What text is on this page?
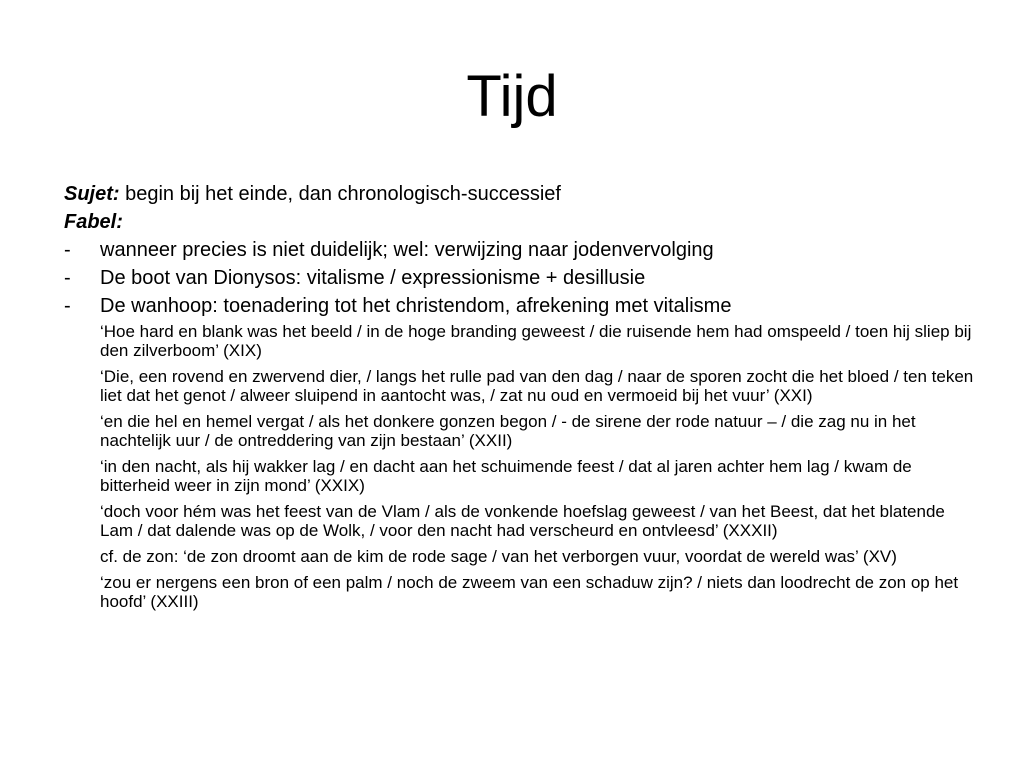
Tijd

Sujet: begin bij het einde, dan chronologisch-successief

Fabel:

- wanneer precies is niet duidelijk; wel: verwijzing naar jodenvervolging
- De boot van Dionysos: vitalisme / expressionisme + desillusie
- De wanhoop: toenadering tot het christendom, afrekening met vitalisme

‘Hoe hard en blank was het beeld / in de hoge branding geweest / die ruisende hem had omspeeld / toen hij sliep bij den zilverboom’ (XIX)

‘Die, een rovend en zwervend dier, / langs het rulle pad van den dag / naar de sporen zocht die het bloed / ten teken liet dat het genot / alweer sluipend in aantocht was, / zat nu oud en vermoeid bij het vuur’ (XXI)

‘en die hel en hemel vergat / als het donkere gonzen begon / - de sirene der rode natuur – / die zag nu in het nachtelijk uur / de ontreddering van zijn bestaan’ (XXII)

‘in den nacht, als hij wakker lag / en dacht aan het schuimende feest / dat al jaren achter hem lag / kwam de bitterheid weer in zijn mond’ (XXIX)

‘doch voor hém was het feest van de Vlam / als de vonkende hoefslag geweest / van het Beest, dat het blatende Lam / dat dalende was op de Wolk, / voor den nacht had verscheurd en ontvleesd’ (XXXII)

cf. de zon: ‘de zon droomt aan de kim de rode sage / van het verborgen vuur, voordat de wereld was’ (XV)

‘zou er nergens een bron of een palm / noch de zweem van een schaduw zijn? / niets dan loodrecht de zon op het hoofd’ (XXIII)
